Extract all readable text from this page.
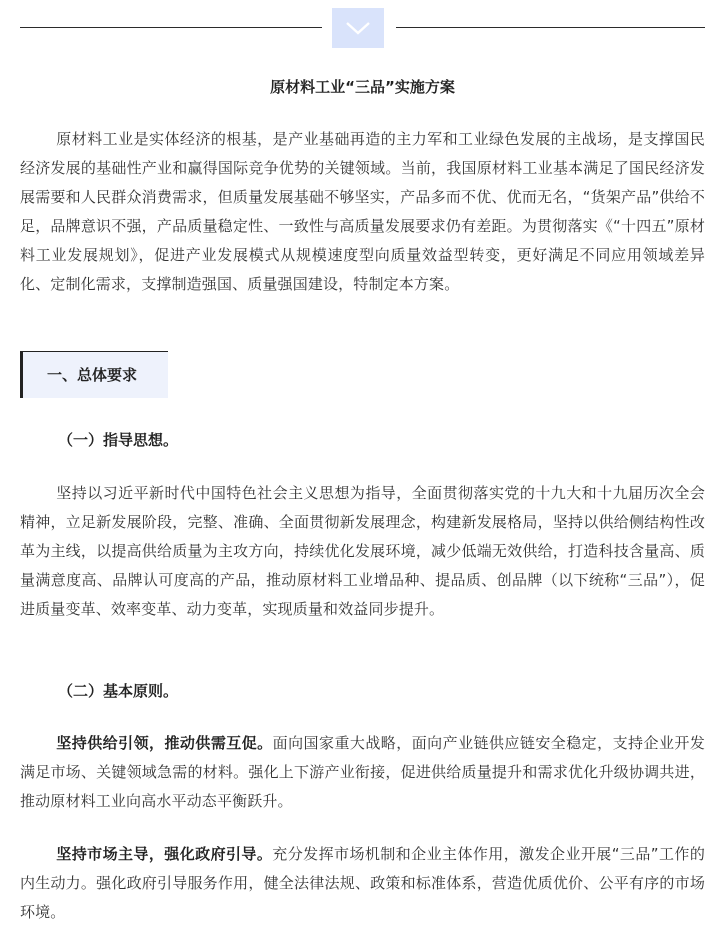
原材料工业“三品”实施方案

原材料工业是实体经济的根基，是产业基础再造的主力军和工业绿色发展的主战场，是支撑国民经济发展的基础性产业和赢得国际竞争优势的关键领域。当前，我国原材料工业基本满足了国民经济发展需要和人民群众消费需求，但质量发展基础不够坚实，产品多而不优、优而无名，“货架产品”供给不足，品牌意识不强，产品质量稳定性、一致性与高质量发展要求仍有差距。为贯彻落实《“十四五”原材料工业发展规划》，促进产业发展模式从规模速度型向质量效益型转变，更好满足不同应用领域差异化、定制化需求，支撑制造强国、质量强国建设，特制定本方案。

一、总体要求
（一）指导思想。

坚持以习近平新时代中国特色社会主义思想为指导，全面贯彻落实党的十九大和十九届历次全会精神，立足新发展阶段，完整、准确、全面贯彻新发展理念，构建新发展格局，坚持以供给侧结构性改革为主线，以提高供给质量为主攻方向，持续优化发展环境，减少低端无效供给，打造科技含量高、质量满意度高、品牌认可度高的产品，推动原材料工业增品种、提品质、创品牌（以下统称“三品”），促进质量变革、效率变革、动力变革，实现质量和效益同步提升。

（二）基本原则。

坚持供给引领，推动供需互促。面向国家重大战略，面向产业链供应链安全稳定，支持企业开发满足市场、关键领域急需的材料。强化上下游产业衔接，促进供给质量提升和需求优化升级协调共进，推动原材料工业向高水平动态平衡跃升。

坚持市场主导，强化政府引导。充分发挥市场机制和企业主体作用，激发企业开展“三品”工作的内生动力。强化政府引导服务作用，健全法律法规、政策和标准体系，营造优质优价、公平有序的市场环境。
